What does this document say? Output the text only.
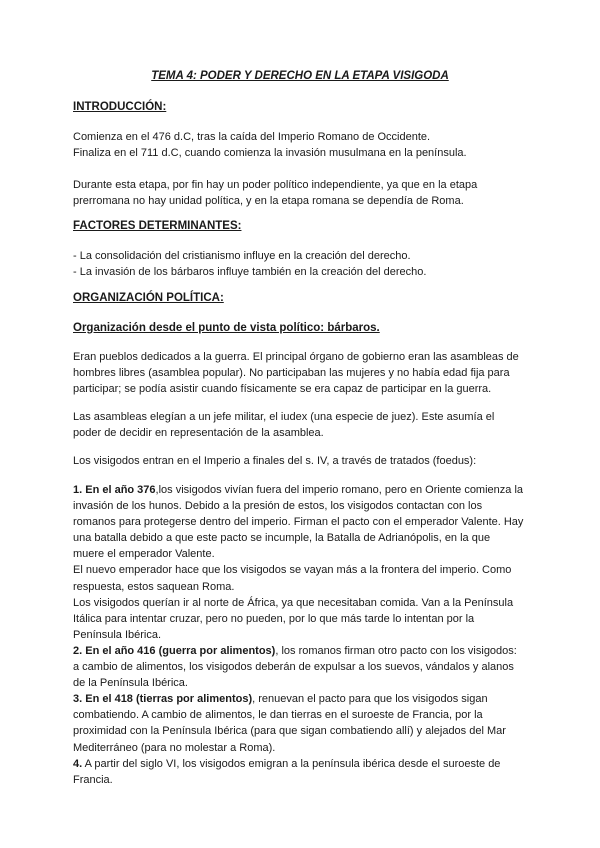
TEMA 4: PODER Y DERECHO EN LA ETAPA VISIGODA
INTRODUCCIÓN:

Comienza en el 476 d.C, tras la caída del Imperio Romano de Occidente.
Finaliza en el 711 d.C, cuando comienza la invasión musulmana en la península.

Durante esta etapa, por fin hay un poder político independiente, ya que en la etapa
prerromana no hay unidad política, y en la etapa romana se dependía de Roma.

FACTORES DETERMINANTES:

- La consolidación del cristianismo influye en la creación del derecho.
- La invasión de los bárbaros influye también en la creación del derecho.

ORGANIZACIÓN POLÍTICA:
Organización desde el punto de vista político: bárbaros.

Eran pueblos dedicados a la guerra. El principal órgano de gobierno eran las asambleas de
hombres libres (asamblea popular). No participaban las mujeres y no había edad fija para
participar; se podía asistir cuando físicamente se era capaz de participar en la guerra.

Las asambleas elegían a un jefe militar, el iudex (una especie de juez). Este asumía el
poder de decidir en representación de la asamblea.

Los visigodos entran en el Imperio a finales del s. IV, a través de tratados (foedus):

1. En el año 376,los visigodos vivían fuera del imperio romano, pero en Oriente comienza la
invasión de los hunos. Debido a la presión de estos, los visigodos contactan con los
romanos para protegerse dentro del imperio. Firman el pacto con el emperador Valente. Hay
una batalla debido a que este pacto se incumple, la Batalla de Adrianópolis, en la que
muere el emperador Valente.
El nuevo emperador hace que los visigodos se vayan más a la frontera del imperio. Como
respuesta, estos saquean Roma.
Los visigodos querían ir al norte de África, ya que necesitaban comida. Van a la Península
Itálica para intentar cruzar, pero no pueden, por lo que más tarde lo intentan por la
Península Ibérica.
2. En el año 416 (guerra por alimentos), los romanos firman otro pacto con los visigodos:
a cambio de alimentos, los visigodos deberán de expulsar a los suevos, vándalos y alanos
de la Península Ibérica.
3. En el 418 (tierras por alimentos), renuevan el pacto para que los visigodos sigan
combatiendo. A cambio de alimentos, le dan tierras en el suroeste de Francia, por la
proximidad con la Península Ibérica (para que sigan combatiendo allí) y alejados del Mar
Mediterráneo (para no molestar a Roma).
4. A partir del siglo VI, los visigodos emigran a la península ibérica desde el suroeste de
Francia.
